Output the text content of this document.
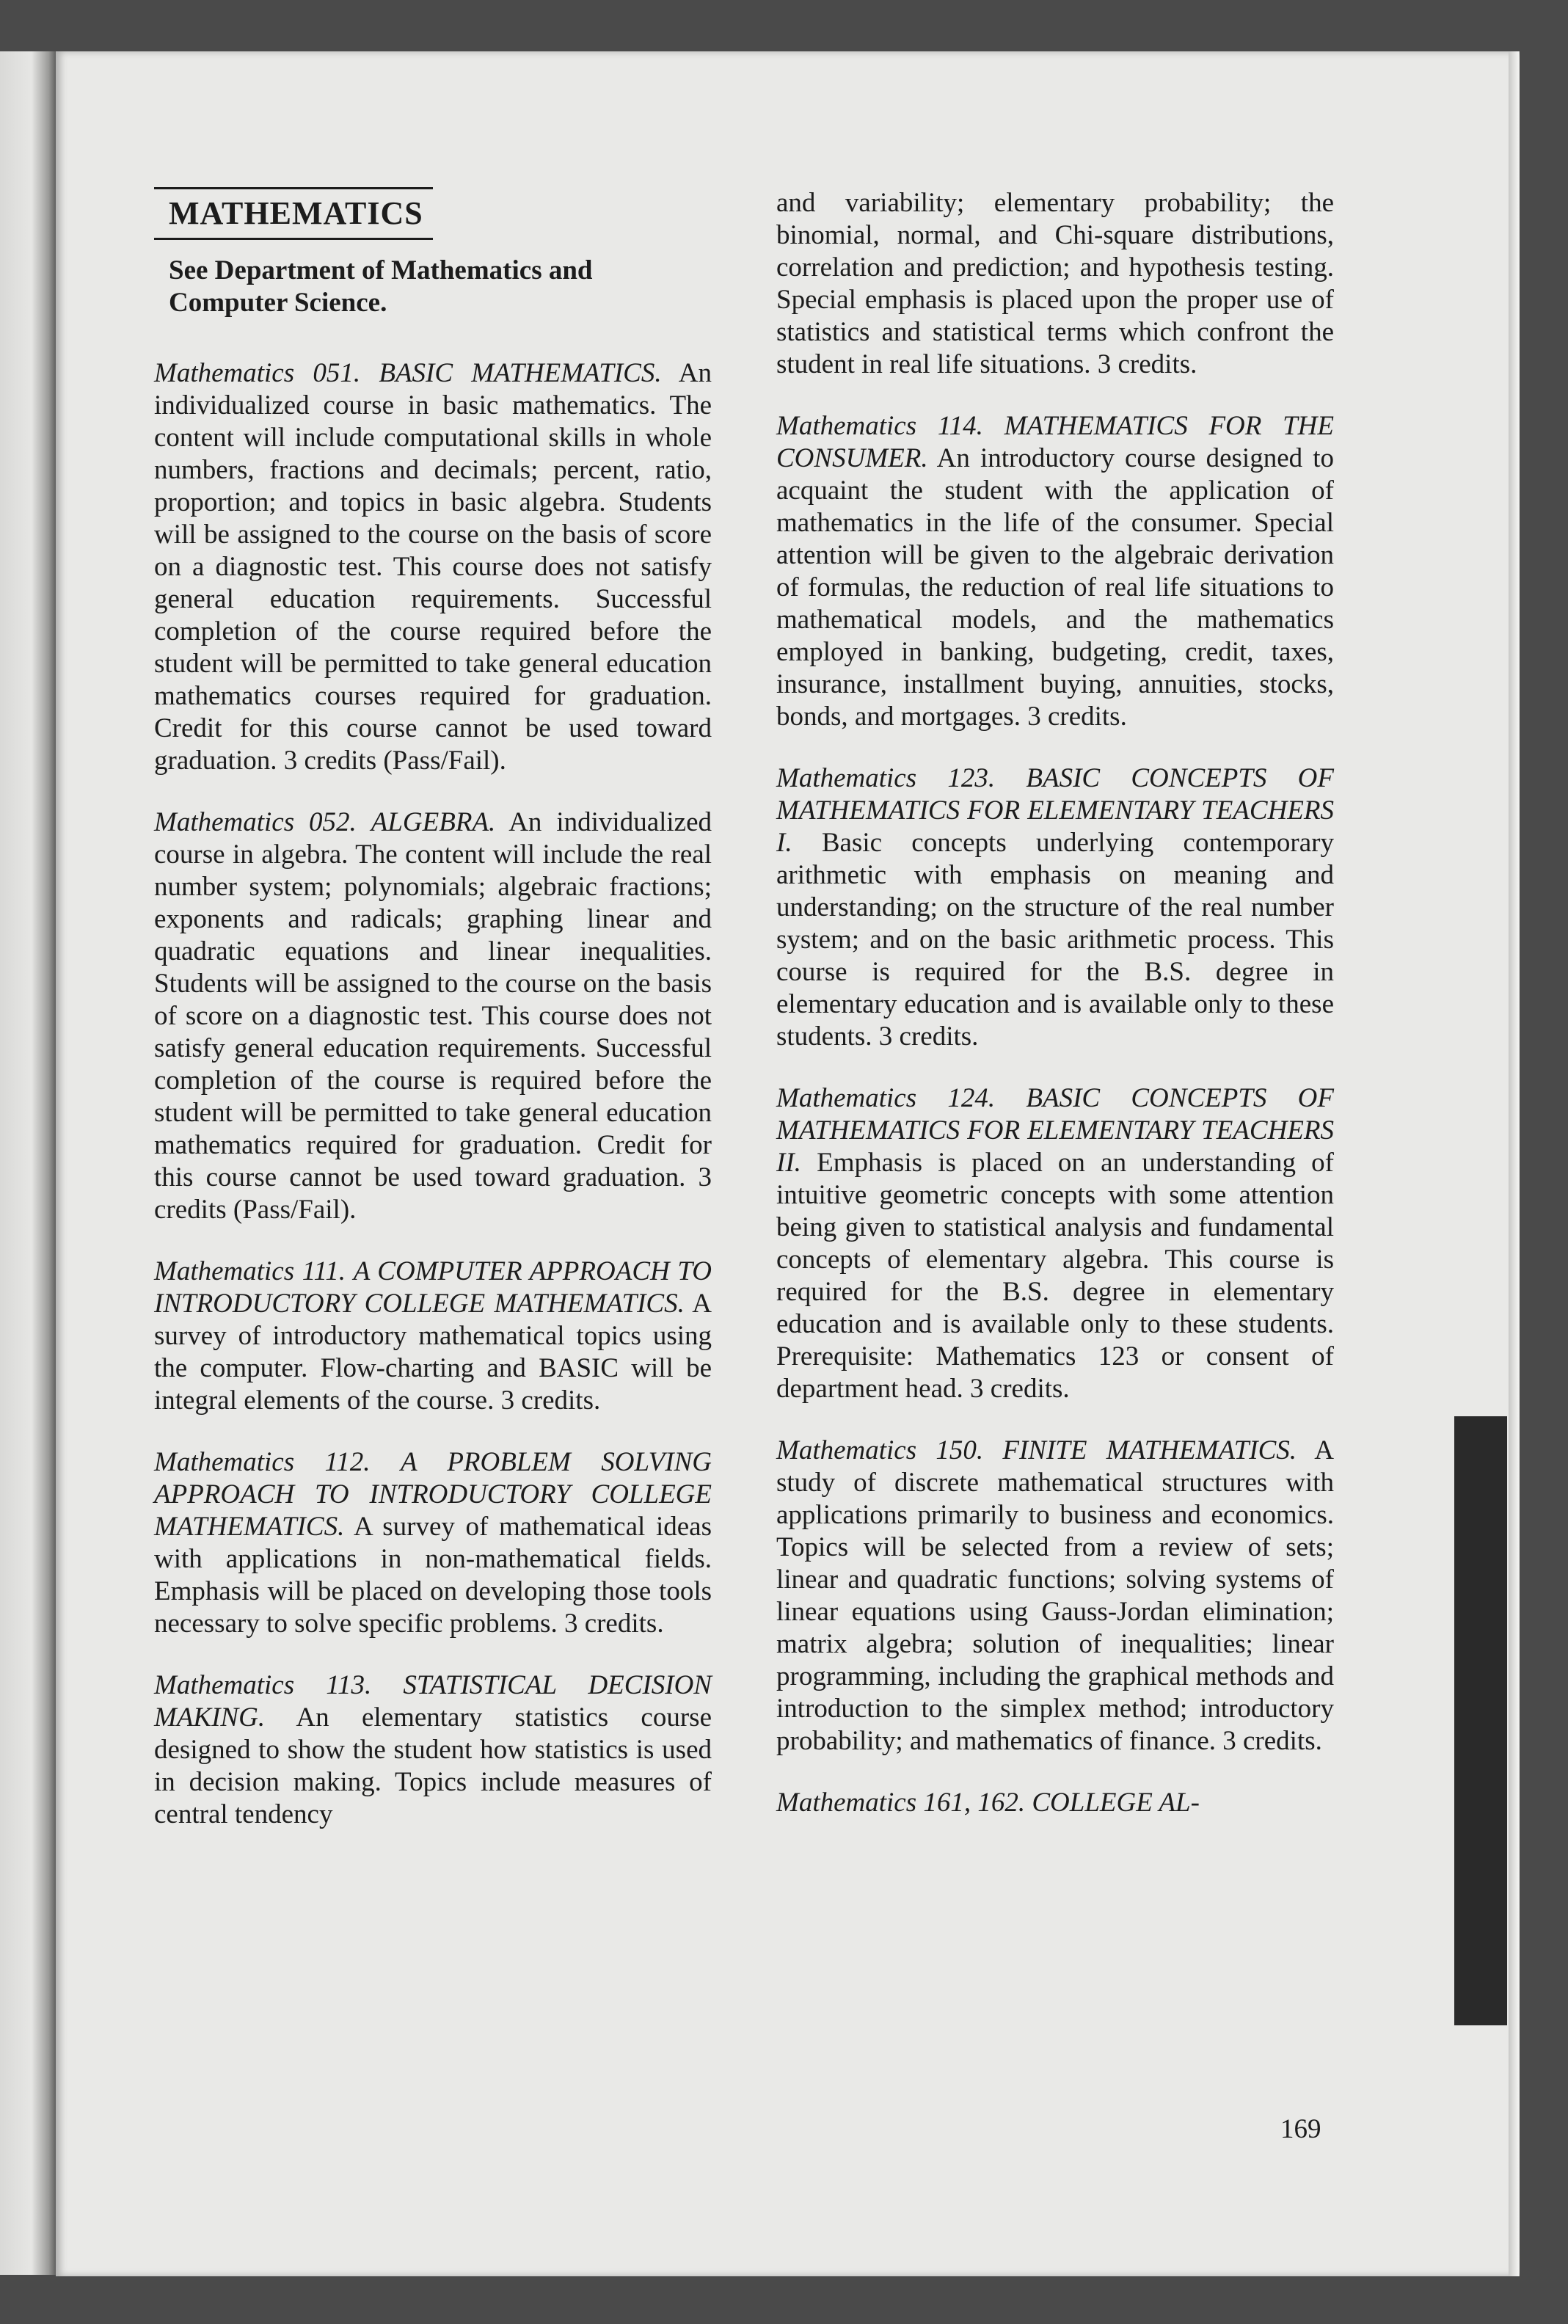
MATHEMATICS
See Department of Mathematics and Computer Science.

Mathematics 051. BASIC MATHEMATICS. An individualized course in basic mathematics. The content will include computational skills in whole numbers, fractions and decimals; percent, ratio, proportion; and topics in basic algebra. Students will be assigned to the course on the basis of score on a diagnostic test. This course does not satisfy general education requirements. Successful completion of the course required before the student will be permitted to take general education mathematics courses required for graduation. Credit for this course cannot be used toward graduation. 3 credits (Pass/Fail).

Mathematics 052. ALGEBRA. An individualized course in algebra. The content will include the real number system; polynomials; algebraic fractions; exponents and radicals; graphing linear and quadratic equations and linear inequalities. Students will be assigned to the course on the basis of score on a diagnostic test. This course does not satisfy general education requirements. Successful completion of the course is required before the student will be permitted to take general education mathematics required for graduation. Credit for this course cannot be used toward graduation. 3 credits (Pass/Fail).

Mathematics 111. A COMPUTER APPROACH TO INTRODUCTORY COLLEGE MATHEMATICS. A survey of introductory mathematical topics using the computer. Flow-charting and BASIC will be integral elements of the course. 3 credits.

Mathematics 112. A PROBLEM SOLVING APPROACH TO INTRODUCTORY COLLEGE MATHEMATICS. A survey of mathematical ideas with applications in non-mathematical fields. Emphasis will be placed on developing those tools necessary to solve specific problems. 3 credits.

Mathematics 113. STATISTICAL DECISION MAKING. An elementary statistics course designed to show the student how statistics is used in decision making. Topics include measures of central tendency

and variability; elementary probability; the binomial, normal, and Chi-square distributions, correlation and prediction; and hypothesis testing. Special emphasis is placed upon the proper use of statistics and statistical terms which confront the student in real life situations. 3 credits.

Mathematics 114. MATHEMATICS FOR THE CONSUMER. An introductory course designed to acquaint the student with the application of mathematics in the life of the consumer. Special attention will be given to the algebraic derivation of formulas, the reduction of real life situations to mathematical models, and the mathematics employed in banking, budgeting, credit, taxes, insurance, installment buying, annuities, stocks, bonds, and mortgages. 3 credits.

Mathematics 123. BASIC CONCEPTS OF MATHEMATICS FOR ELEMENTARY TEACHERS I. Basic concepts underlying contemporary arithmetic with emphasis on meaning and understanding; on the structure of the real number system; and on the basic arithmetic process. This course is required for the B.S. degree in elementary education and is available only to these students. 3 credits.

Mathematics 124. BASIC CONCEPTS OF MATHEMATICS FOR ELEMENTARY TEACHERS II. Emphasis is placed on an understanding of intuitive geometric concepts with some attention being given to statistical analysis and fundamental concepts of elementary algebra. This course is required for the B.S. degree in elementary education and is available only to these students. Prerequisite: Mathematics 123 or consent of department head. 3 credits.

Mathematics 150. FINITE MATHEMATICS. A study of discrete mathematical structures with applications primarily to business and economics. Topics will be selected from a review of sets; linear and quadratic functions; solving systems of linear equations using Gauss-Jordan elimination; matrix algebra; solution of inequalities; linear programming, including the graphical methods and introduction to the simplex method; introductory probability; and mathematics of finance. 3 credits.

Mathematics 161, 162. COLLEGE AL-

169
